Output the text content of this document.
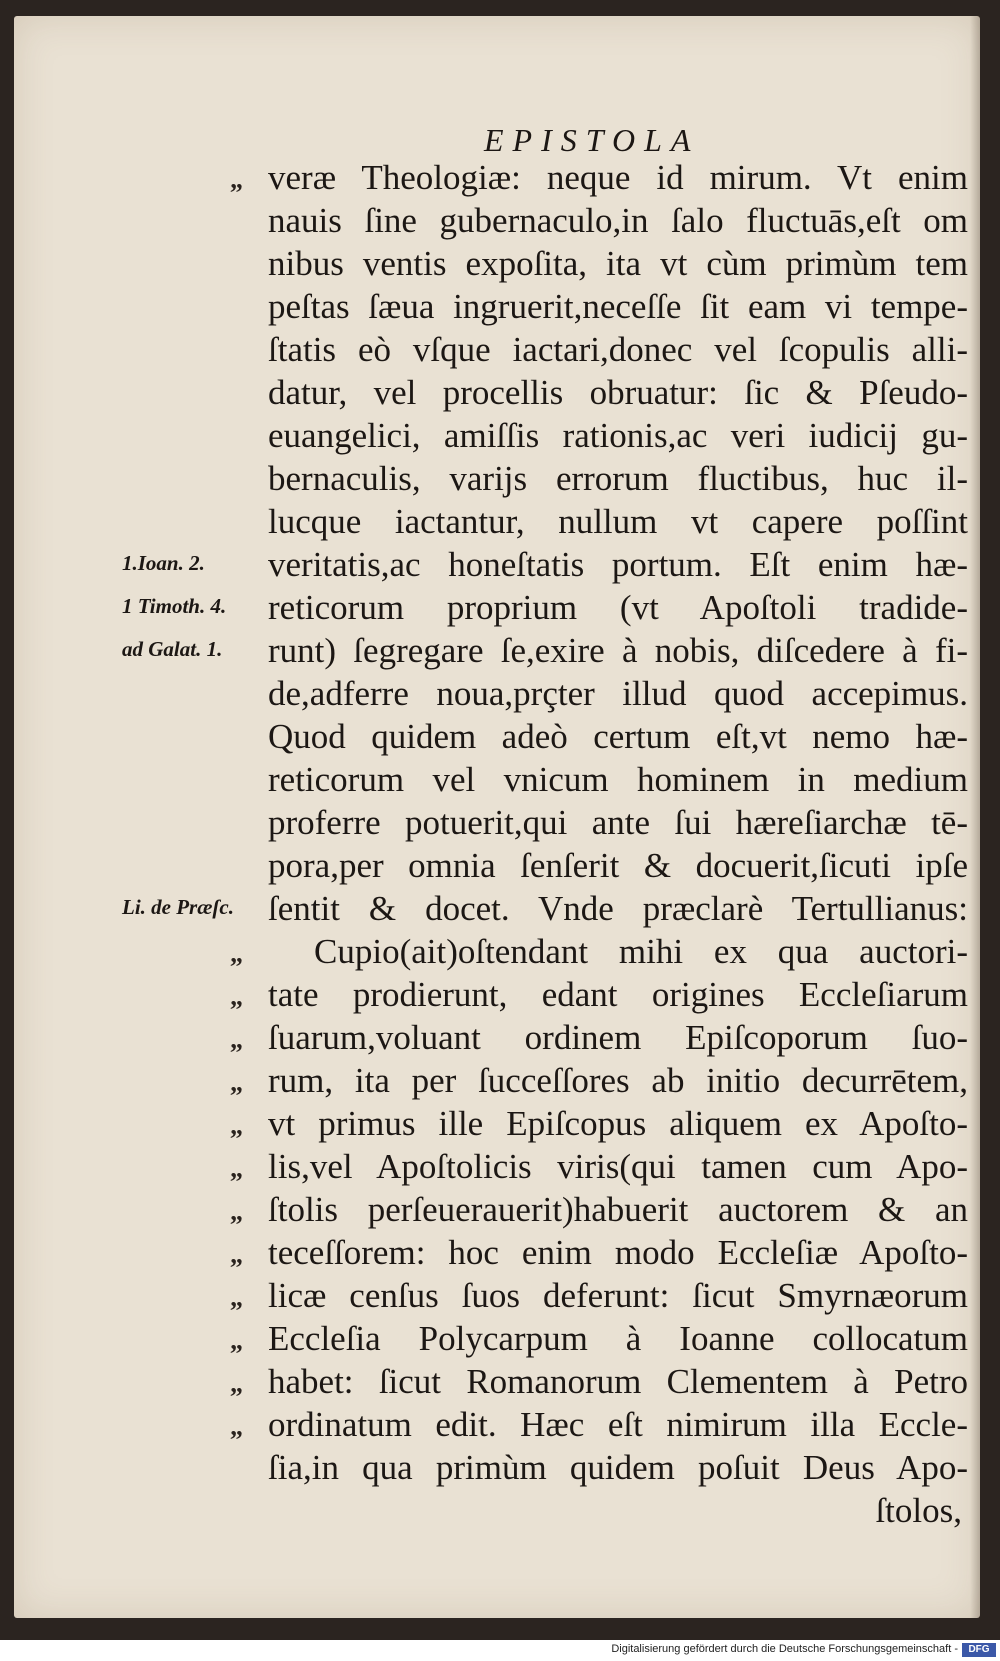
EPISTOLA
„ veræ Theologiæ: neque id mirum. Vt enim
nauis ſine gubernaculo,in ſalo fluctuās,eſt om
nibus ventis expoſita, ita vt cùm primùm tem
peſtas ſæua ingruerit,neceſſe ſit eam vi tempe-
ſtatis eò vſque iactari,donec vel ſcopulis alli-
datur, vel procellis obruatur: ſic & Pſeudo-
euangelici, amiſſis rationis,ac veri iudicij gu-
bernaculis, varijs errorum fluctibus, huc il-
lucque iactantur, nullum vt capere poſſint
veritatis,ac honeſtatis portum. Eſt enim hæ-
reticorum proprium (vt Apoſtoli tradide-
runt) ſegregare ſe,exire à nobis, diſcedere à fi-
de,adferre noua,prçter illud quod accepimus.
Quod quidem adeò certum eſt,vt nemo hæ-
reticorum vel vnicum hominem in medium
proferre potuerit,qui ante ſui hæreſiarchæ tē-
pora,per omnia ſenſerit & docuerit,ſicuti ipſe
ſentit & docet. Vnde præclarè Tertullianus:
„ Cupio(ait)oſtendant mihi ex qua auctori-
„ tate prodierunt, edant origines Eccleſiarum
„ ſuarum,voluant ordinem Epiſcoporum ſuo-
„ rum, ita per ſucceſſores ab initio decurrētem,
„ vt primus ille Epiſcopus aliquem ex Apoſto-
„ lis,vel Apoſtolicis viris(qui tamen cum Apo-
„ ſtolis perſeuerauerit)habuerit auctorem & an
„ teceſſorem: hoc enim modo Eccleſiæ Apoſto-
„ licæ cenſus ſuos deferunt: ſicut Smyrnæorum
„ Eccleſia Polycarpum à Ioanne collocatum
„ habet: ſicut Romanorum Clementem à Petro
„ ordinatum edit. Hæc eſt nimirum illa Eccle-
ſia,in qua primùm quidem poſuit Deus Apo-
ſtolos,
1.Ioan. 2.
1 Timoth. 4.
ad Galat. 1.
Li. de Præſc.
Digitalisierung gefördert durch die Deutsche Forschungsgemeinschaft -	DFG
